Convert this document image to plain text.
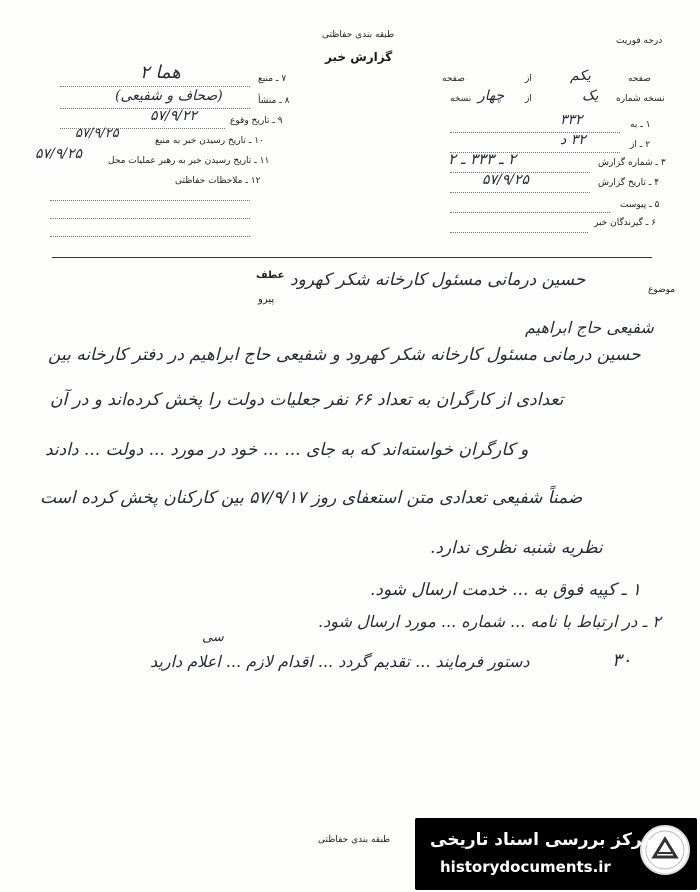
طبقه بندی حفاظتی
گزارش خبر
درجه فوریت
صفحه
یکم
از
صفحه
نسخه شماره
یک
از
چهار
نسخه
۱ ـ به
۳۳۲
۲ ـ از
۳۲ د
۳ ـ شماره گزارش
۲ ـ ۳۳۳ ـ ۲
۴ ـ تاریخ گزارش
۵۷/۹/۲۵
۵ ـ پیوست
۶ ـ گیرندگان خبر
۷ ـ منبع
هما ۲
۸ ـ منشأ
(صحاف و شفیعی)
۹ ـ تاریخ وقوع
۵۷/۹/۲۲
۱۰ ـ تاریخ رسیدن خبر به منبع
۵۷/۹/۲۵
۱۱ ـ تاریخ رسیدن خبر به رهبر عملیات محل
۵۷/۹/۲۵
۱۲ ـ ملاحظات حفاظتی
موضوع
حسین درمانی مسئول کارخانه شکر کهرود
شفیعی حاج ابراهیم
عطف
پیرو
حسین درمانی مسئول کارخانه شکر کهرود و شفیعی حاج ابراهیم در دفتر کارخانه بین
تعدادی از کارگران به تعداد ۶۶ نفر جعلیات دولت را پخش کرده‌اند و در آن
و کارگران خواسته‌اند که به جای ... ... خود در مورد ... دولت ... دادند
ضمناً شفیعی تعدادی متن استعفای روز ۵۷/۹/۱۷ بین کارکنان پخش کرده است
نظریه شنبه نظری ندارد.
۱ ـ کپیه فوق به ... خدمت ارسال شود.
۲ ـ در ارتباط با نامه ... شماره ... مورد ارسال شود.
سی
۳۰
دستور فرمایند ... تقدیم گردد ... اقدام لازم ... اعلام دارید
طبقه بندی حفاظتی مرکز بررسی اسناد تاریخی
historydocuments.ir
